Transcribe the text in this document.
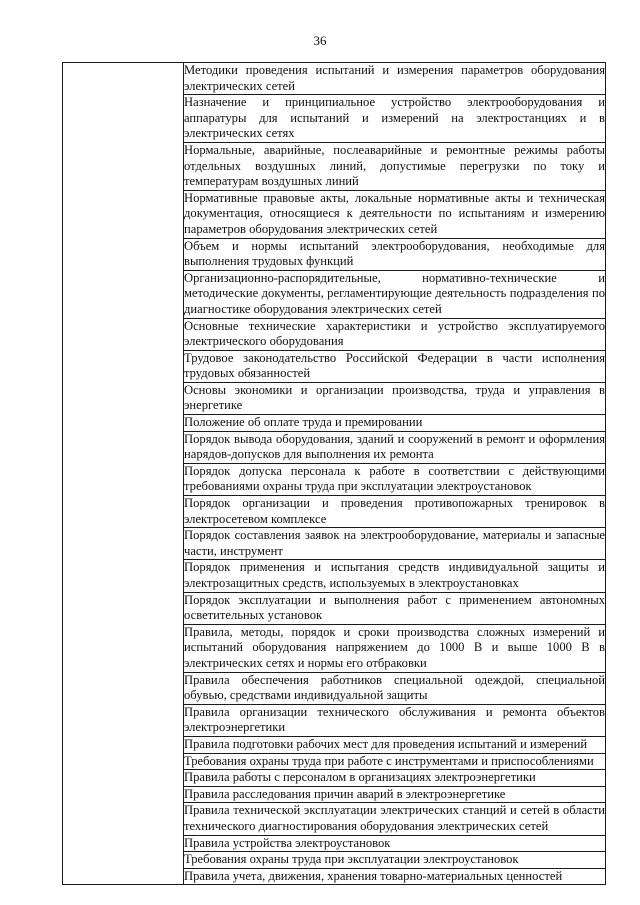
36
	Методики проведения испытаний и измерения параметров оборудования электрических сетей
Назначение и принципиальное устройство электрооборудования и аппаратуры для испытаний и измерений на электростанциях и в электрических сетях
Нормальные, аварийные, послеаварийные и ремонтные режимы работы отдельных воздушных линий, допустимые перегрузки по току и температурам воздушных линий
Нормативные правовые акты, локальные нормативные акты и техническая документация, относящиеся к деятельности по испытаниям и измерению параметров оборудования электрических сетей
Объем и нормы испытаний электрооборудования, необходимые для выполнения трудовых функций
Организационно-распорядительные, нормативно-технические и методические документы, регламентирующие деятельность подразделения по диагностике оборудования электрических сетей
Основные технические характеристики и устройство эксплуатируемого электрического оборудования
Трудовое законодательство Российской Федерации в части исполнения трудовых обязанностей
Основы экономики и организации производства, труда и управления в энергетике
Положение об оплате труда и премировании
Порядок вывода оборудования, зданий и сооружений в ремонт и оформления нарядов-допусков для выполнения их ремонта
Порядок допуска персонала к работе в соответствии с действующими требованиями охраны труда при эксплуатации электроустановок
Порядок организации и проведения противопожарных тренировок в электросетевом комплексе
Порядок составления заявок на электрооборудование, материалы и запасные части, инструмент
Порядок применения и испытания средств индивидуальной защиты и электрозащитных средств, используемых в электроустановках
Порядок эксплуатации и выполнения работ с применением автономных осветительных установок
Правила, методы, порядок и сроки производства сложных измерений и испытаний оборудования напряжением до 1000 В и выше 1000 В в электрических сетях и нормы его отбраковки
Правила обеспечения работников специальной одеждой, специальной обувью, средствами индивидуальной защиты
Правила организации технического обслуживания и ремонта объектов электроэнергетики
Правила подготовки рабочих мест для проведения испытаний и измерений
Требования охраны труда при работе с инструментами и приспособлениями
Правила работы с персоналом в организациях электроэнергетики
Правила расследования причин аварий в электроэнергетике
Правила технической эксплуатации электрических станций и сетей в области технического диагностирования оборудования электрических сетей
Правила устройства электроустановок
Требования охраны труда при эксплуатации электроустановок
Правила учета, движения, хранения товарно-материальных ценностей
